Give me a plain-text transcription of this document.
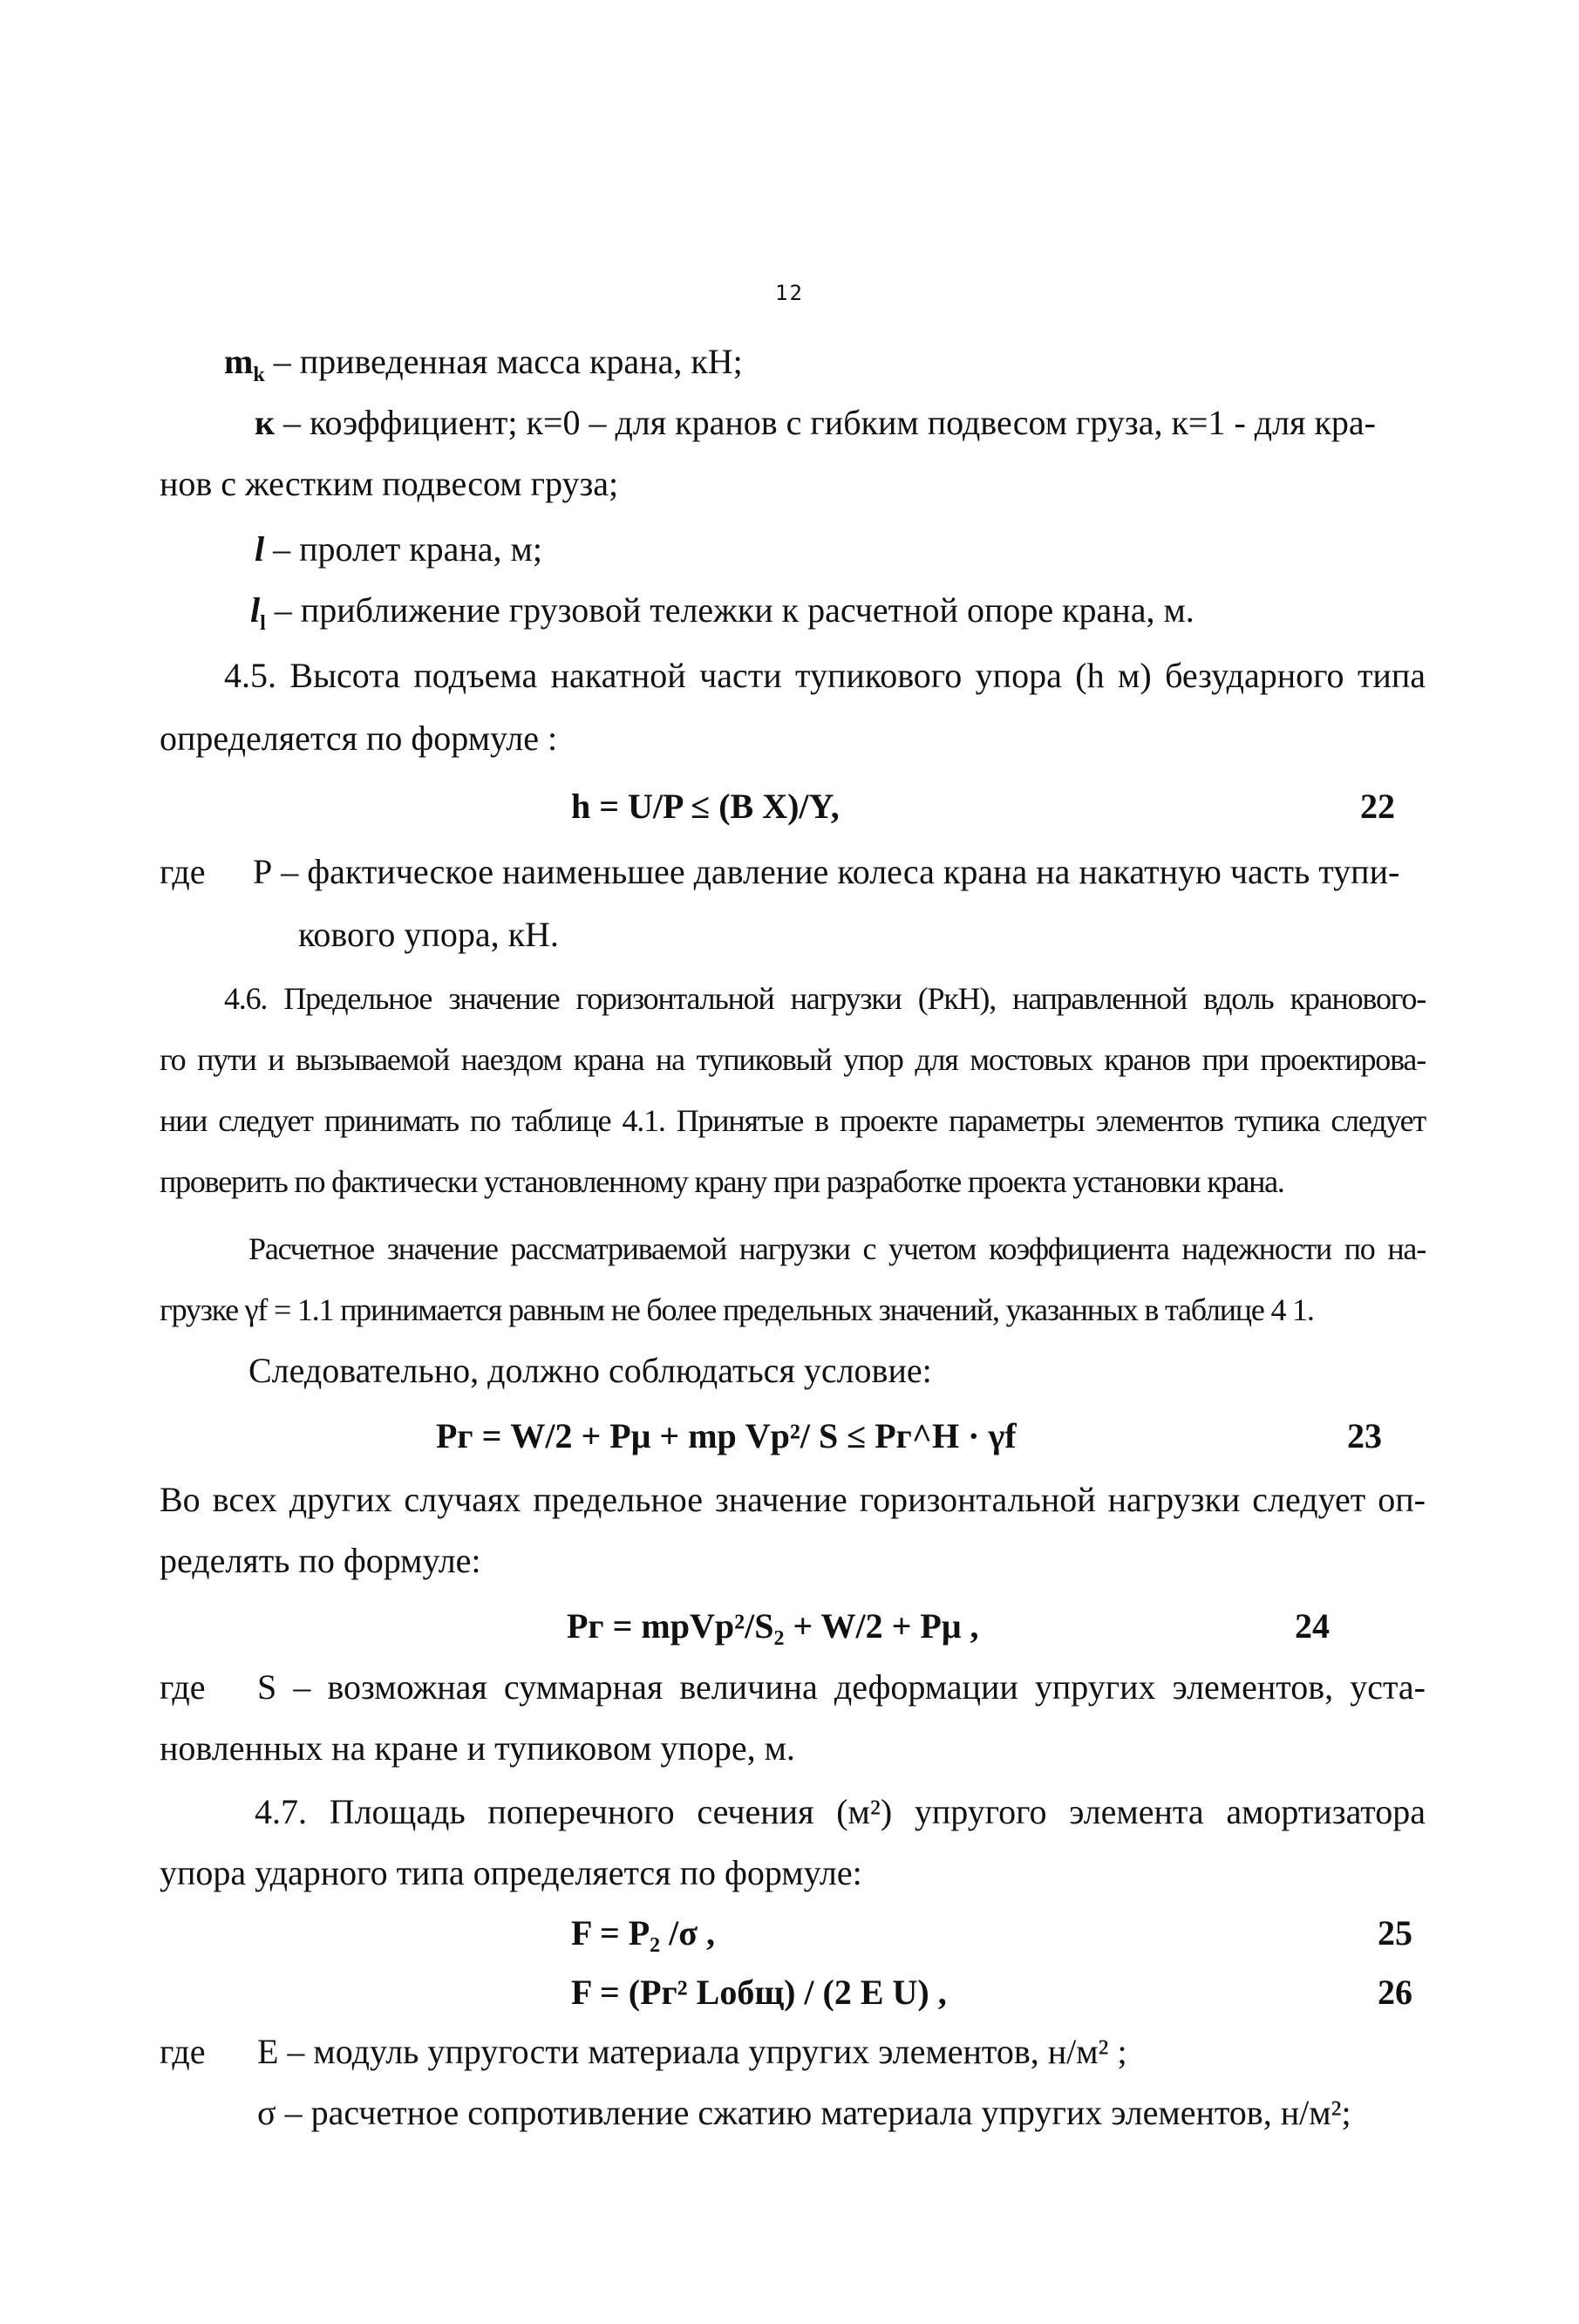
12
$m_k$ – приведенная масса крана, кН;
к – коэффициент; к=0 – для кранов с гибким подвесом груза, к=1 - для кра-
нов с жестким подвесом груза;
l – пролет крана, м;
$l_l$ – приближение грузовой тележки к расчетной опоре крана, м.
4.5. Высота подъема накатной части тупикового упора (h м) безударного типа
определяется по формуле :
h = U/P ≤ (B X)/Y,	22
где Р – фактическое наименьшее давление колеса крана на накатную часть тупи-
кового упора, кН.
4.6. Предельное значение горизонтальной нагрузки (РкН), направленной вдоль кранового-
го пути и вызываемой наездом крана на тупиковый упор для мостовых кранов при проектирова-
нии следует принимать по таблице 4.1. Принятые в проекте параметры элементов тупика следует
проверить по фактически установленному крану при разработке проекта установки крана.
Расчетное значение рассматриваемой нагрузки с учетом коэффициента надежности по на-
грузке γf = 1.1 принимается равным не более предельных значений, указанных в таблице 4 1.
Следовательно, должно соблюдаться условие:
Рг = W/2 + Рμ + mр Vр²/ S ≤ Рг^Н · γf	23
Во всех других случаях предельное значение горизонтальной нагрузки следует оп-
ределять по формуле:
Рг = mрVр²/S₂ + W/2 + Рμ ,	24
где S – возможная суммарная величина деформации упругих элементов, уста-
новленных на кране и тупиковом упоре, м.
4.7. Площадь поперечного сечения (м²) упругого элемента амортизатора
упора ударного типа определяется по формуле:
F = Р₂ /σ ,	25
F = (Рг² Lобщ) / (2 E U) ,	26
где E – модуль упругости материала упругих элементов, н/м² ;
σ – расчетное сопротивление сжатию материала упругих элементов, н/м²;
